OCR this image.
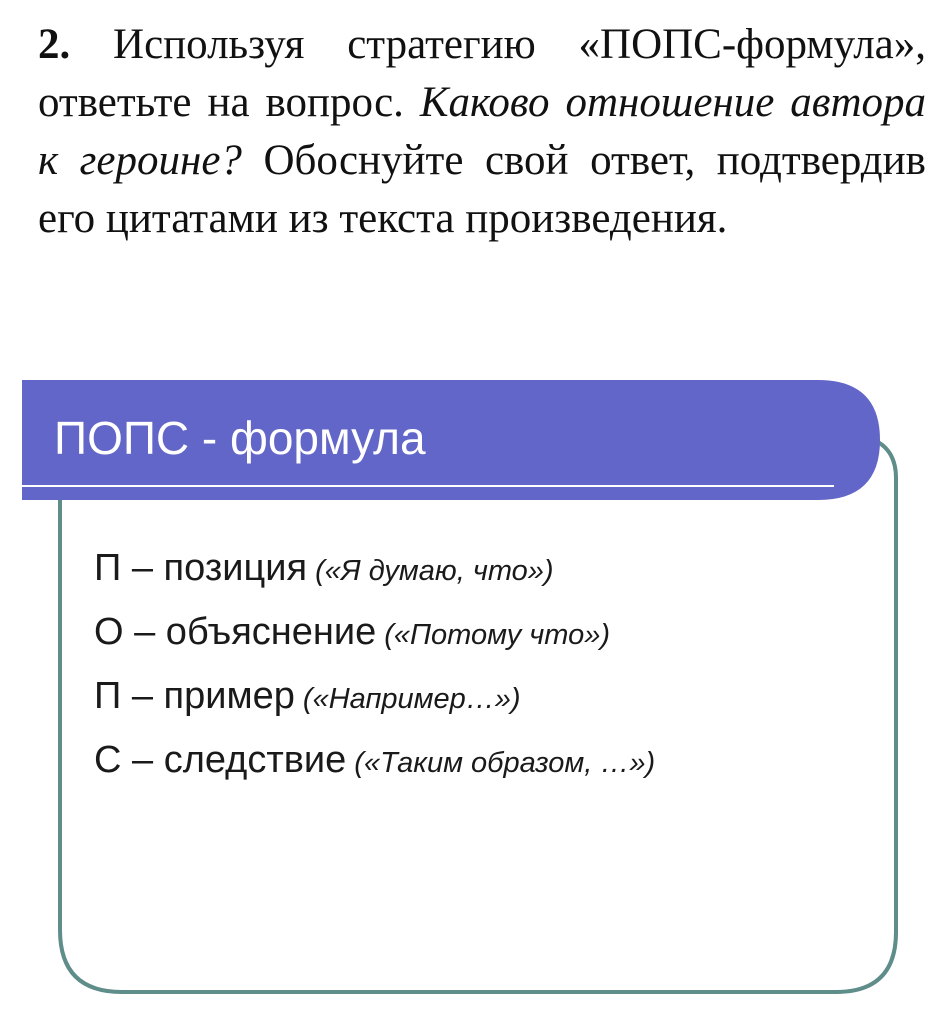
2. Используя стратегию «ПОПС-формула», ответьте на вопрос. Каково отношение автора к героине? Обоснуйте свой ответ, подтвердив его цитатами из текста произведения.
ПОПС - формула
П – позиция («Я думаю, что»)
О – объяснение («Потому что»)
П – пример («Например…»)
С – следствие («Таким образом, …»)
